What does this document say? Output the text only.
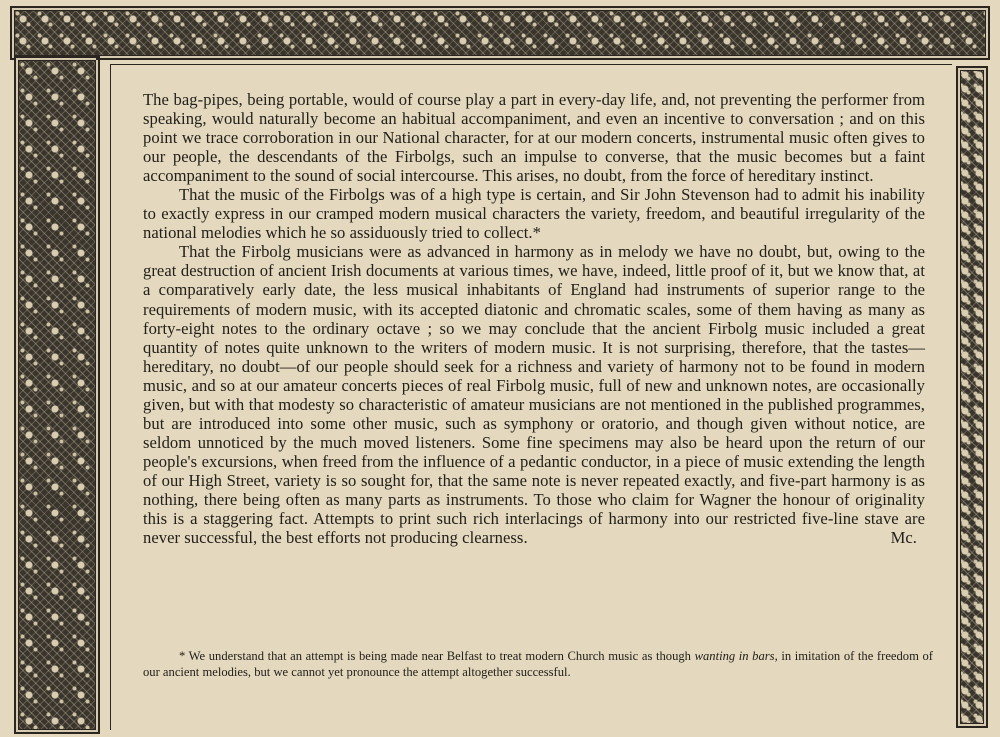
The bag-pipes, being portable, would of course play a part in every-day life, and, not preventing the performer from speaking, would naturally become an habitual accompaniment, and even an incentive to conversation ; and on this point we trace corroboration in our National character, for at our modern concerts, instrumental music often gives to our people, the descendants of the Firbolgs, such an impulse to converse, that the music becomes but a faint accompaniment to the sound of social intercourse. This arises, no doubt, from the force of hereditary instinct.

That the music of the Firbolgs was of a high type is certain, and Sir John Stevenson had to admit his inability to exactly express in our cramped modern musical characters the variety, freedom, and beautiful irregularity of the national melodies which he so assiduously tried to collect.*

That the Firbolg musicians were as advanced in harmony as in melody we have no doubt, but, owing to the great destruction of ancient Irish documents at various times, we have, indeed, little proof of it, but we know that, at a comparatively early date, the less musical inhabitants of England had instruments of superior range to the requirements of modern music, with its accepted diatonic and chromatic scales, some of them having as many as forty-eight notes to the ordinary octave ; so we may conclude that the ancient Firbolg music included a great quantity of notes quite unknown to the writers of modern music. It is not surprising, therefore, that the tastes—hereditary, no doubt—of our people should seek for a richness and variety of harmony not to be found in modern music, and so at our amateur concerts pieces of real Firbolg music, full of new and unknown notes, are occasionally given, but with that modesty so characteristic of amateur musicians are not mentioned in the published programmes, but are introduced into some other music, such as symphony or oratorio, and though given without notice, are seldom unnoticed by the much moved listeners. Some fine specimens may also be heard upon the return of our people's excursions, when freed from the influence of a pedantic conductor, in a piece of music extending the length of our High Street, variety is so sought for, that the same note is never repeated exactly, and five-part harmony is as nothing, there being often as many parts as instruments. To those who claim for Wagner the honour of originality this is a staggering fact. Attempts to print such rich interlacings of harmony into our restricted five-line stave are never successful, the best efforts not producing clearness.	Mc.

* We understand that an attempt is being made near Belfast to treat modern Church music as though wanting in bars, in imitation of the freedom of our ancient melodies, but we cannot yet pronounce the attempt altogether successful.
